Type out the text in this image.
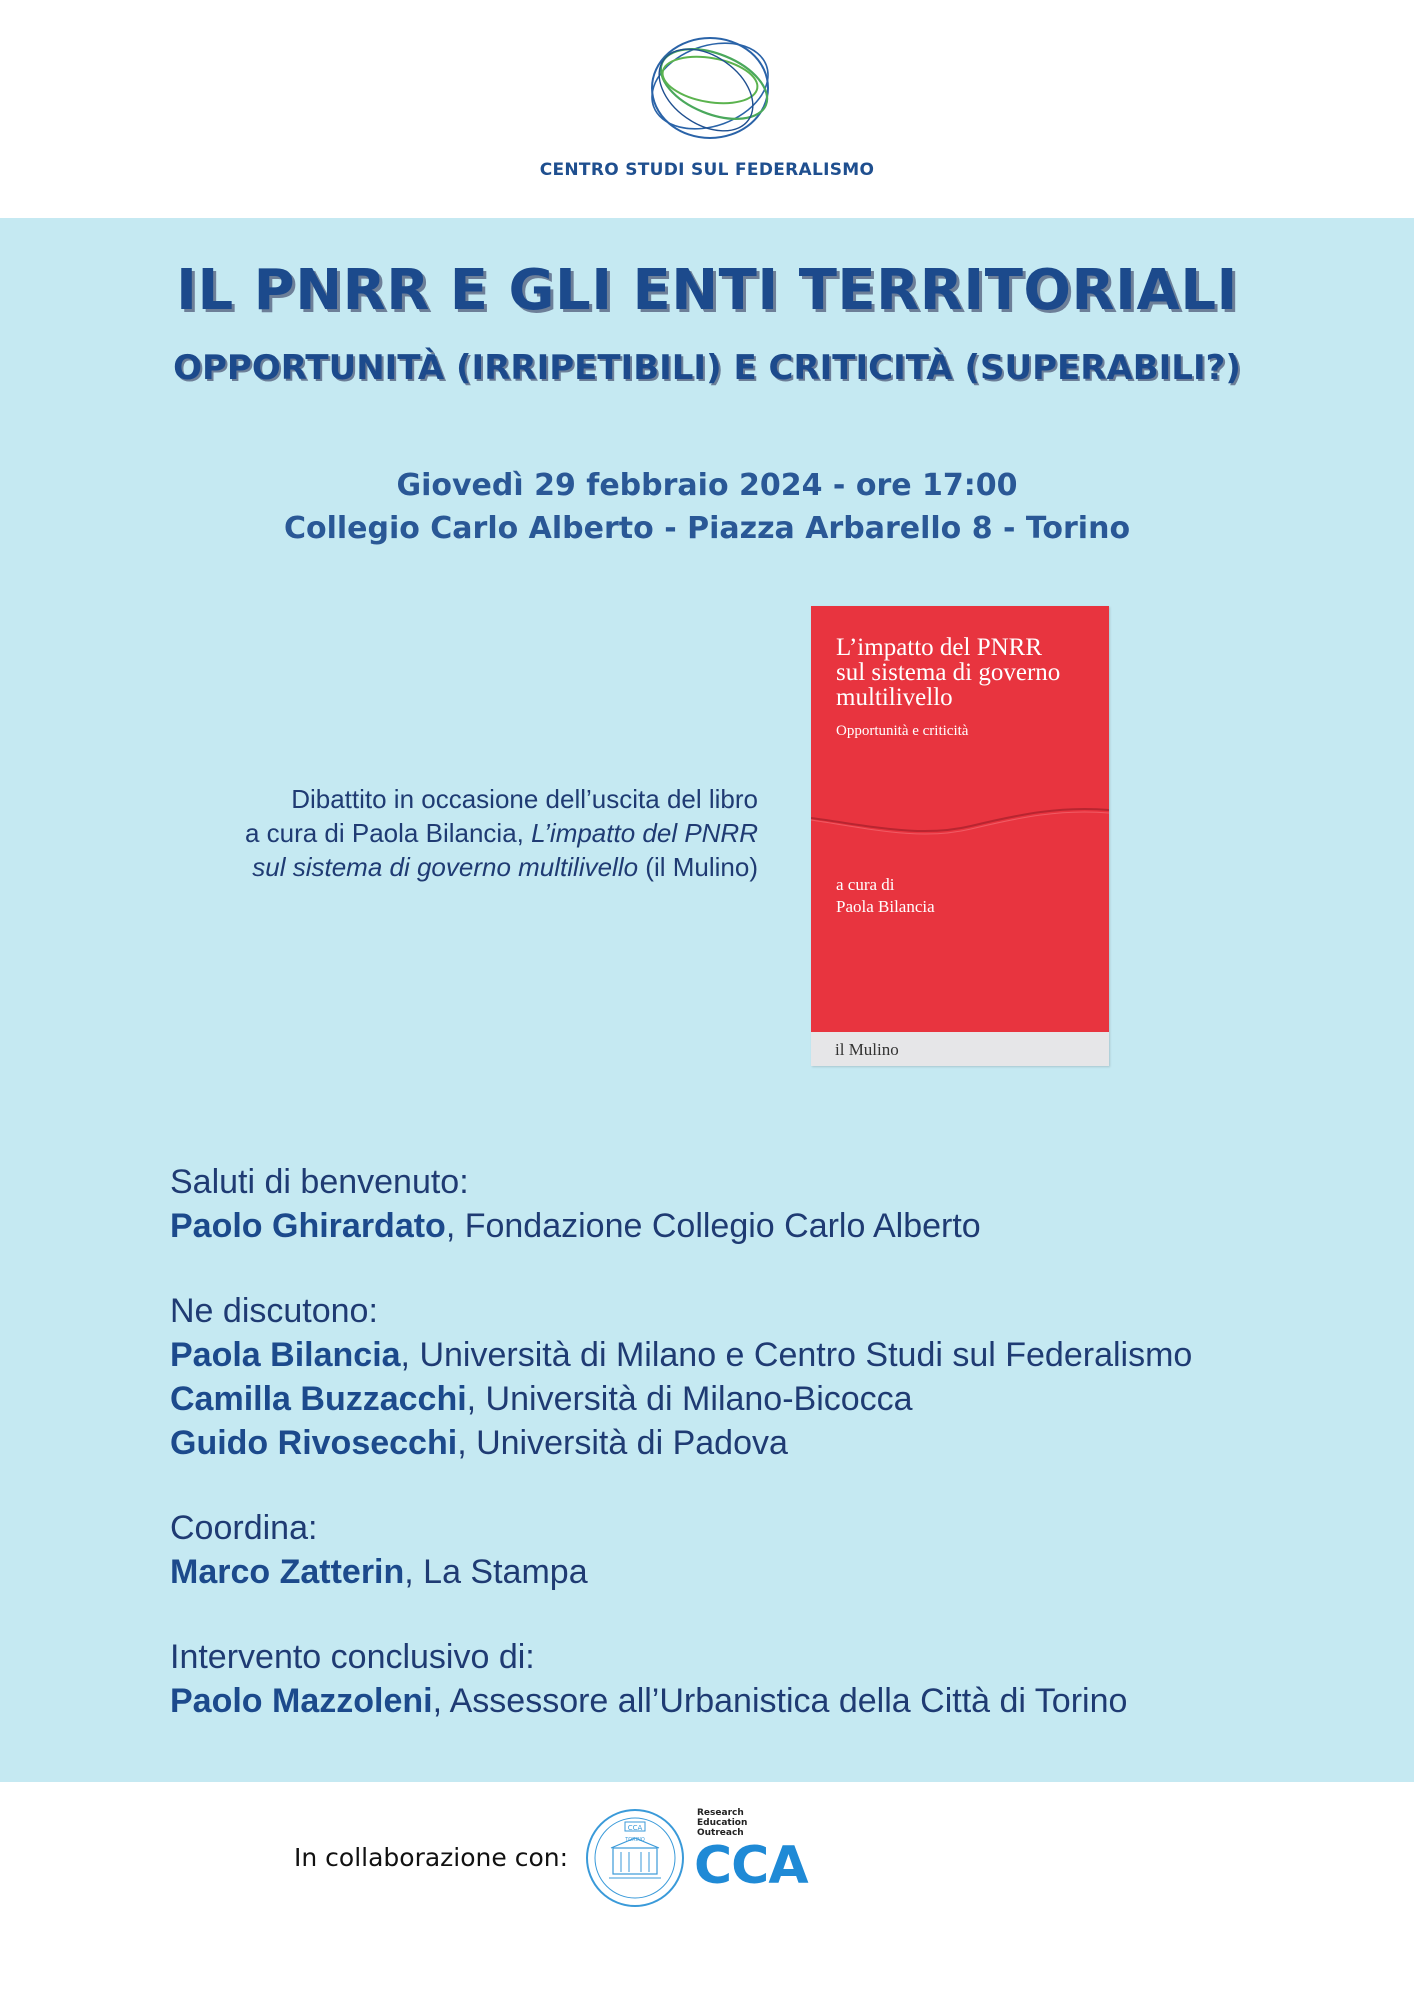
CENTRO STUDI SUL FEDERALISMO
IL PNRR E GLI ENTI TERRITORIALI
OPPORTUNITÀ (IRRIPETIBILI) E CRITICITÀ (SUPERABILI?)
Giovedì 29 febbraio 2024 - ore 17:00
Collegio Carlo Alberto - Piazza Arbarello 8 - Torino
Dibattito in occasione dell’uscita del libro
a cura di Paola Bilancia, L’impatto del PNRR
sul sistema di governo multilivello (il Mulino)
L’impatto del PNRR
sul sistema di governo
multilivello
Opportunità e criticità
a cura di
Paola Bilancia
il Mulino
Saluti di benvenuto:
Paolo Ghirardato, Fondazione Collegio Carlo Alberto
Ne discutono:
Paola Bilancia, Università di Milano e Centro Studi sul Federalismo
Camilla Buzzacchi, Università di Milano-Bicocca
Guido Rivosecchi, Università di Padova
Coordina:
Marco Zatterin, La Stampa
Intervento conclusivo di:
Paolo Mazzoleni, Assessore all’Urbanistica della Città di Torino
In collaborazione con:
CCA
TORINO
Research
Education
Outreach
CCA
